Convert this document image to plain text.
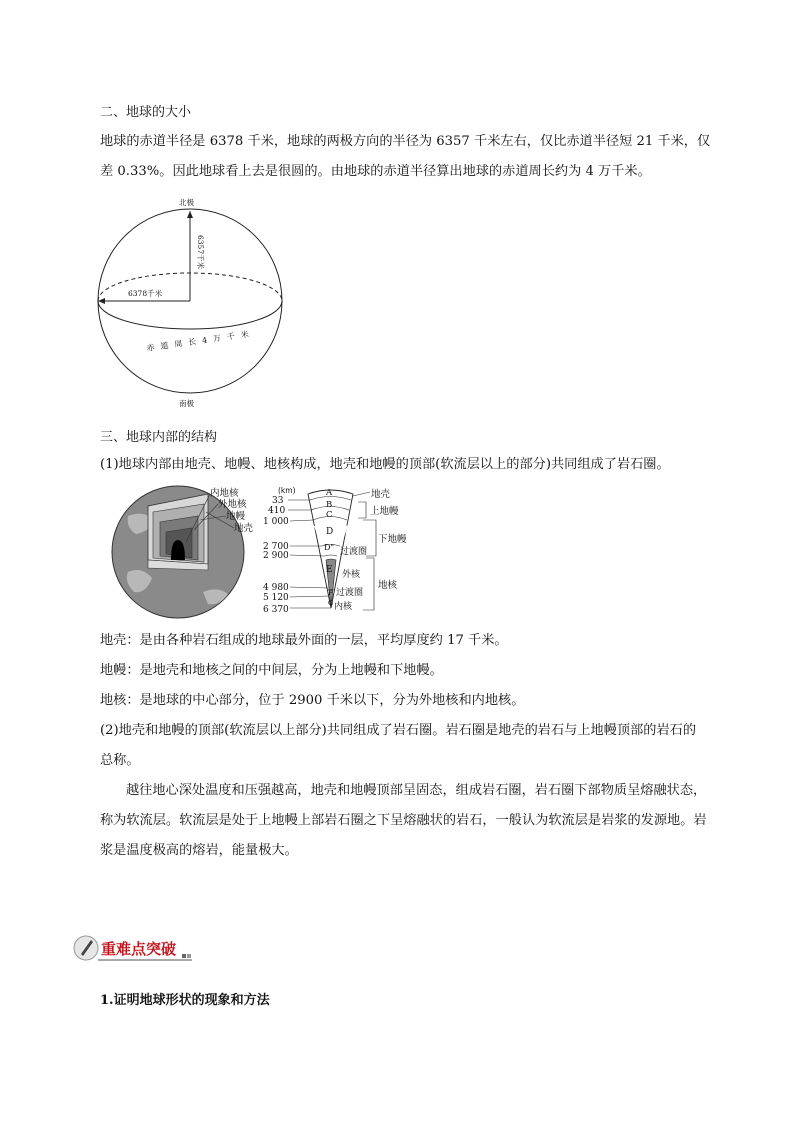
二、地球的大小

地球的赤道半径是 6378 千米，地球的两极方向的半径为 6357 千米左右，仅比赤道半径短 21 千米，仅

差 0.33%。因此地球看上去是很圆的。由地球的赤道半径算出地球的赤道周长约为 4 万千米。

北极
南极
6357千米
6378千米
赤道周长4万千米
三、地球内部的结构
(1)地球内部由地壳、地幔、地核构成，地壳和地幔的顶部(软流层以上的部分)共同组成了岩石圈。
内地核
外地核
地幔
地壳
(km)
33
410
1 000
2 700
2 900
4 980
5 120
6 370
A
B
C
D
D"
E
F
G
地壳
上地幔
下地幔
过渡圈
外核
过渡圈
内核
地核

地壳：是由各种岩石组成的地球最外面的一层，平均厚度约 17 千米。

地幔：是地壳和地核之间的中间层，分为上地幔和下地幔。

地核：是地球的中心部分，位于 2900 千米以下，分为外地核和内地核。

(2)地壳和地幔的顶部(软流层以上部分)共同组成了岩石圈。岩石圈是地壳的岩石与上地幔顶部的岩石的

总称。

越往地心深处温度和压强越高，地壳和地幔顶部呈固态，组成岩石圈，岩石圈下部物质呈熔融状态，

称为软流层。软流层是处于上地幔上部岩石圈之下呈熔融状的岩石，一般认为软流层是岩浆的发源地。岩

浆是温度极高的熔岩，能量极大。

重难点突破
1.证明地球形状的现象和方法
